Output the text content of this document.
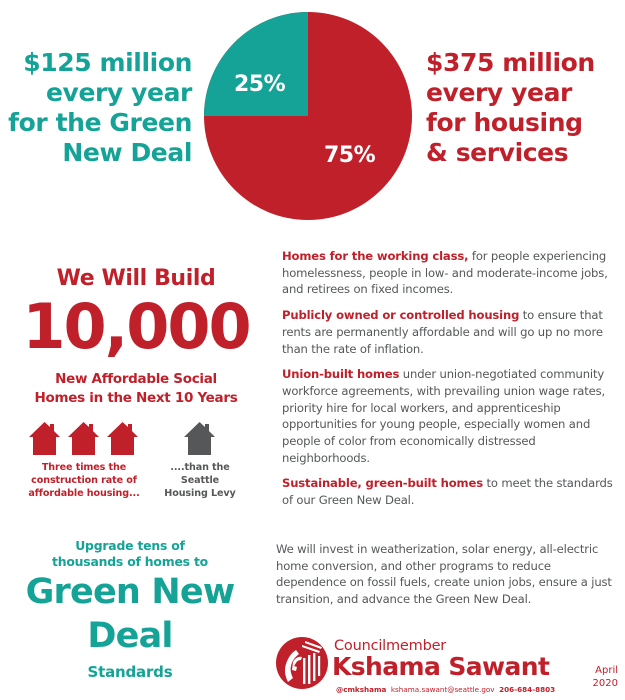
$125 million
every year
for the Green
New Deal
25%
75%
$375 million
every year
for housing
& services
We Will Build
10,000
New Affordable Social
Homes in the Next 10 Years
Three times the
construction rate of
affordable housing...
....than the
Seattle
Housing Levy

Homes for the working class, for people experiencing homelessness, people in low- and moderate-income jobs, and retirees on fixed incomes.

Publicly owned or controlled housing to ensure that rents are permanently affordable and will go up no more than the rate of inflation.

Union-built homes under union-negotiated community workforce agreements, with prevailing union wage rates, priority hire for local workers, and apprenticeship opportunities for young people, especially women and people of color from economically distressed neighborhoods.

Sustainable, green-built homes to meet the standards of our Green New Deal.

Upgrade tens of
thousands of homes to
Green New
Deal
Standards

We will invest in weatherization, solar energy, all-electric home conversion, and other programs to reduce dependence on fossil fuels, create union jobs, ensure a just transition, and advance the Green New Deal.

Councilmember
Kshama Sawant
@cmkshama kshama.sawant@seattle.gov 206-684-8803
April
2020
